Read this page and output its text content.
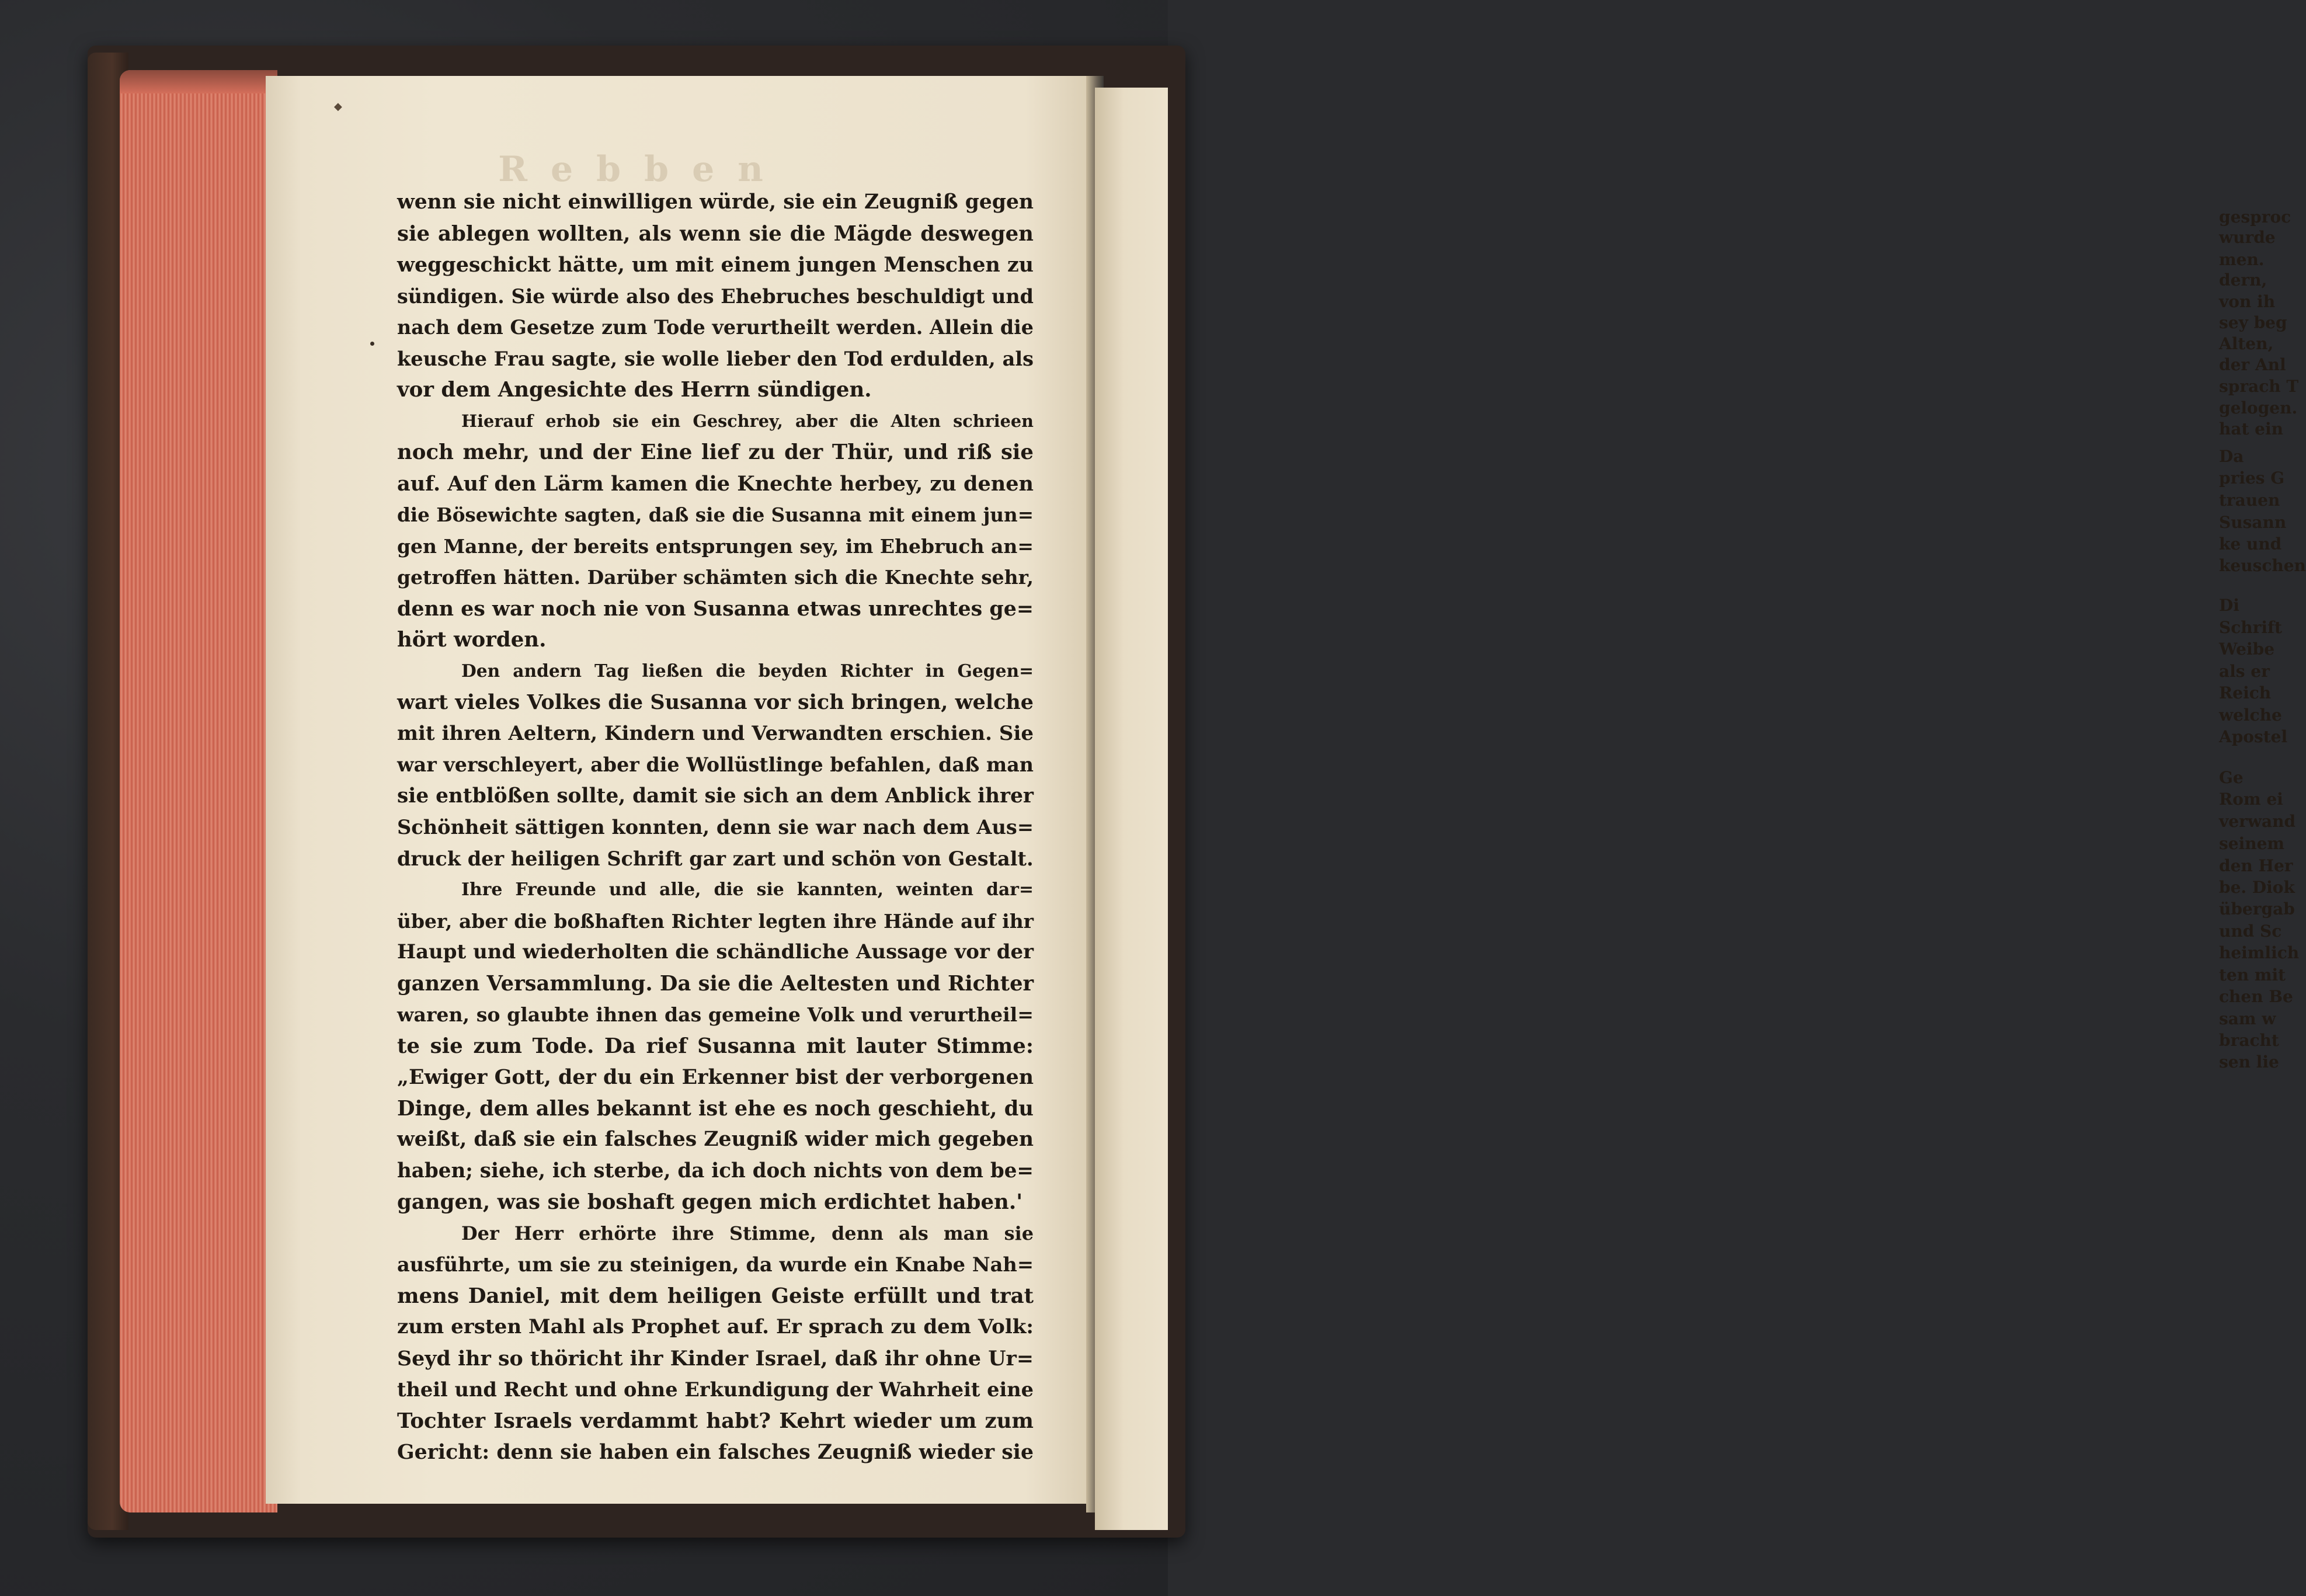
gesproc
wurde
men.
dern,
von ih
sey beg
Alten,
der Anl
sprach T
gelogen.
hat ein
Da
pries G
trauen
Susann
ke und
keuschen
Di
Schrift
Weibe
als er
Reich
welche
Apostel
Ge
Rom ei
verwand
seinem
den Her
be. Diok
übergab
und Sc
heimlich
ten mit
chen Be
sam w
bracht
sen lie
Rebben
◆
wenn sie nicht einwilligen würde, sie ein Zeugniß gegen
sie ablegen wollten, als wenn sie die Mägde deswegen
weggeschickt hätte, um mit einem jungen Menschen zu
sündigen. Sie würde also des Ehebruches beschuldigt und
nach dem Gesetze zum Tode verurtheilt werden. Allein die
keusche Frau sagte, sie wolle lieber den Tod erdulden, als
vor dem Angesichte des Herrn sündigen.
Hierauf erhob sie ein Geschrey, aber die Alten schrieen
noch mehr, und der Eine lief zu der Thür, und riß sie
auf. Auf den Lärm kamen die Knechte herbey, zu denen
die Bösewichte sagten, daß sie die Susanna mit einem jun=
gen Manne, der bereits entsprungen sey, im Ehebruch an=
getroffen hätten. Darüber schämten sich die Knechte sehr,
denn es war noch nie von Susanna etwas unrechtes ge=
hört worden.
Den andern Tag ließen die beyden Richter in Gegen=
wart vieles Volkes die Susanna vor sich bringen, welche
mit ihren Aeltern, Kindern und Verwandten erschien. Sie
war verschleyert, aber die Wollüstlinge befahlen, daß man
sie entblößen sollte, damit sie sich an dem Anblick ihrer
Schönheit sättigen konnten, denn sie war nach dem Aus=
druck der heiligen Schrift gar zart und schön von Gestalt.
Ihre Freunde und alle, die sie kannten, weinten dar=
über, aber die boßhaften Richter legten ihre Hände auf ihr
Haupt und wiederholten die schändliche Aussage vor der
ganzen Versammlung. Da sie die Aeltesten und Richter
waren, so glaubte ihnen das gemeine Volk und verurtheil=
te sie zum Tode. Da rief Susanna mit lauter Stimme:
„Ewiger Gott, der du ein Erkenner bist der verborgenen
Dinge, dem alles bekannt ist ehe es noch geschieht, du
weißt, daß sie ein falsches Zeugniß wider mich gegeben
haben; siehe, ich sterbe, da ich doch nichts von dem be=
gangen, was sie boshaft gegen mich erdichtet haben.'
Der Herr erhörte ihre Stimme, denn als man sie
ausführte, um sie zu steinigen, da wurde ein Knabe Nah=
mens Daniel, mit dem heiligen Geiste erfüllt und trat
zum ersten Mahl als Prophet auf. Er sprach zu dem Volk:
Seyd ihr so thöricht ihr Kinder Israel, daß ihr ohne Ur=
theil und Recht und ohne Erkundigung der Wahrheit eine
Tochter Israels verdammt habt? Kehrt wieder um zum
Gericht: denn sie haben ein falsches Zeugniß wieder sie
